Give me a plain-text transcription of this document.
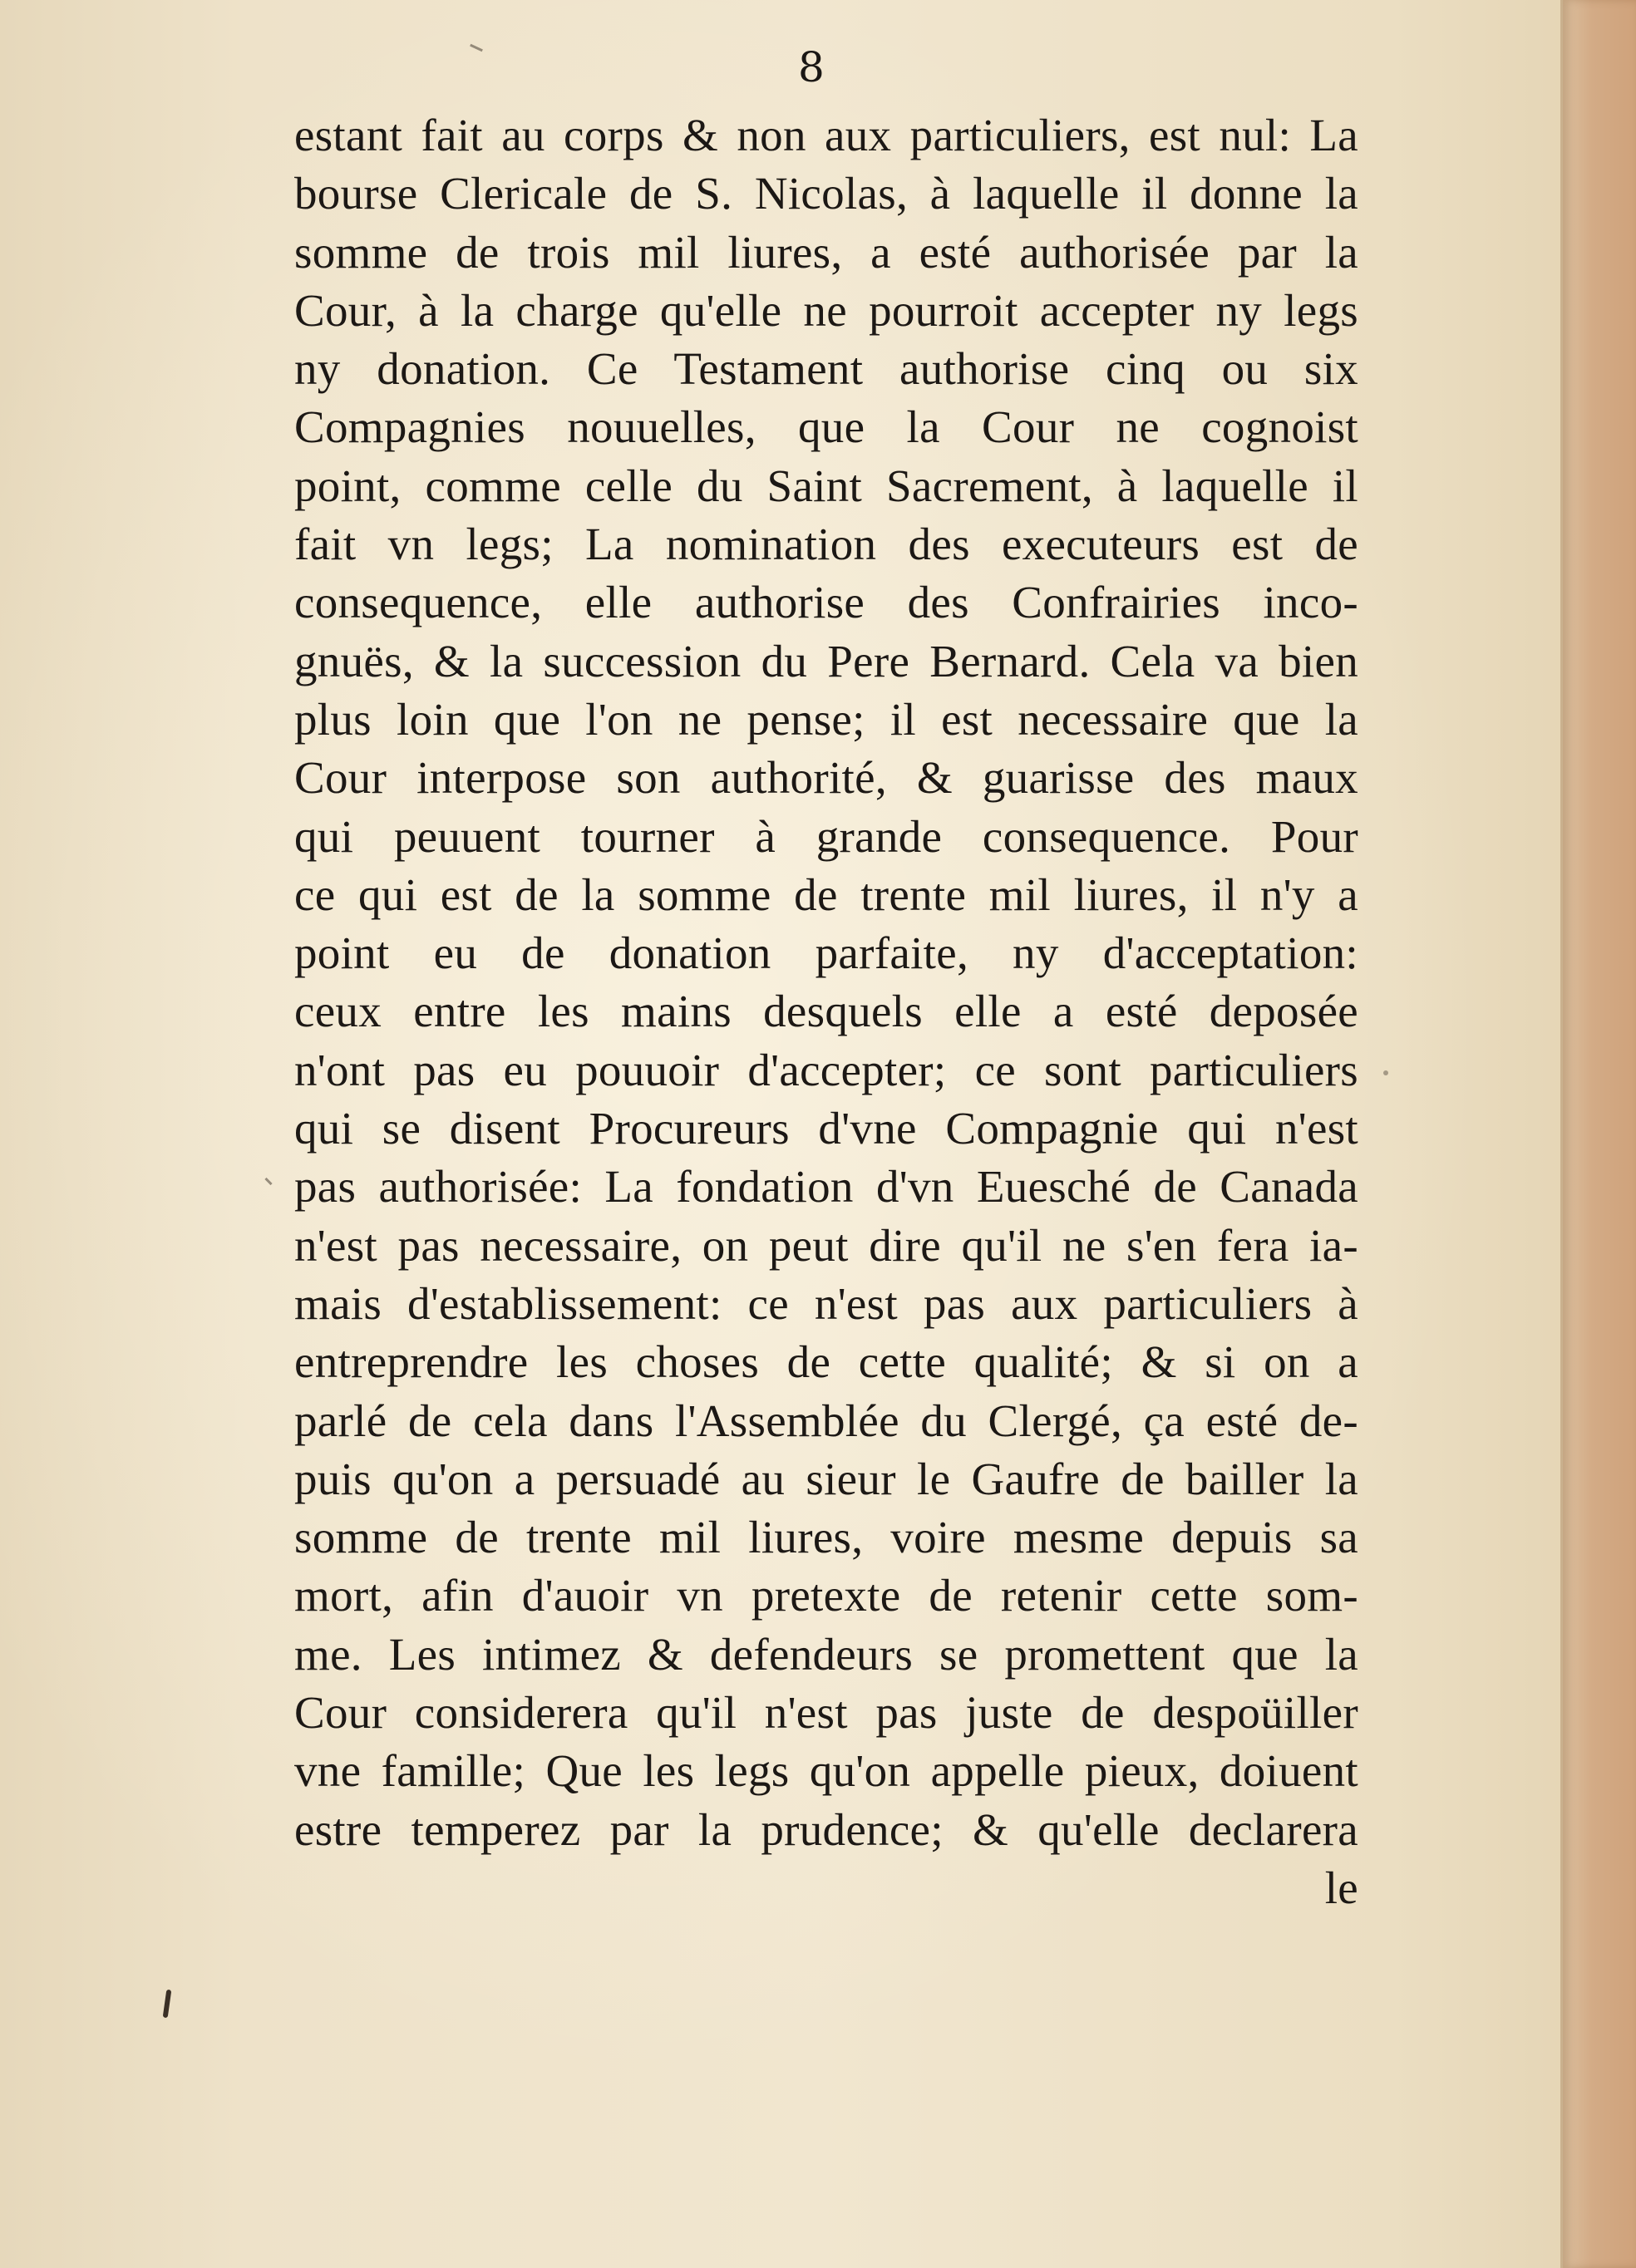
8
estant fait au corps & non aux particuliers, est nul: La
bourse Clericale de S. Nicolas, à laquelle il donne la
somme de trois mil liures, a esté authorisée par la
Cour, à la charge qu'elle ne pourroit accepter ny legs
ny donation. Ce Testament authorise cinq ou six
Compagnies nouuelles, que la Cour ne cognoist
point, comme celle du Saint Sacrement, à laquelle il
fait vn legs; La nomination des executeurs est de
consequence, elle authorise des Confrairies inco-
gnuës, & la succession du Pere Bernard. Cela va bien
plus loin que l'on ne pense; il est necessaire que la
Cour interpose son authorité, & guarisse des maux
qui peuuent tourner à grande consequence. Pour
ce qui est de la somme de trente mil liures, il n'y a
point eu de donation parfaite, ny d'acceptation:
ceux entre les mains desquels elle a esté deposée
n'ont pas eu pouuoir d'accepter; ce sont particuliers
qui se disent Procureurs d'vne Compagnie qui n'est
pas authorisée: La fondation d'vn Euesché de Canada
n'est pas necessaire, on peut dire qu'il ne s'en fera ia-
mais d'establissement: ce n'est pas aux particuliers à
entreprendre les choses de cette qualité; & si on a
parlé de cela dans l'Assemblée du Clergé, ça esté de-
puis qu'on a persuadé au sieur le Gaufre de bailler la
somme de trente mil liures, voire mesme depuis sa
mort, afin d'auoir vn pretexte de retenir cette som-
me. Les intimez & defendeurs se promettent que la
Cour considerera qu'il n'est pas juste de despoüiller
vne famille; Que les legs qu'on appelle pieux, doiuent
estre temperez par la prudence; & qu'elle declarera
le
